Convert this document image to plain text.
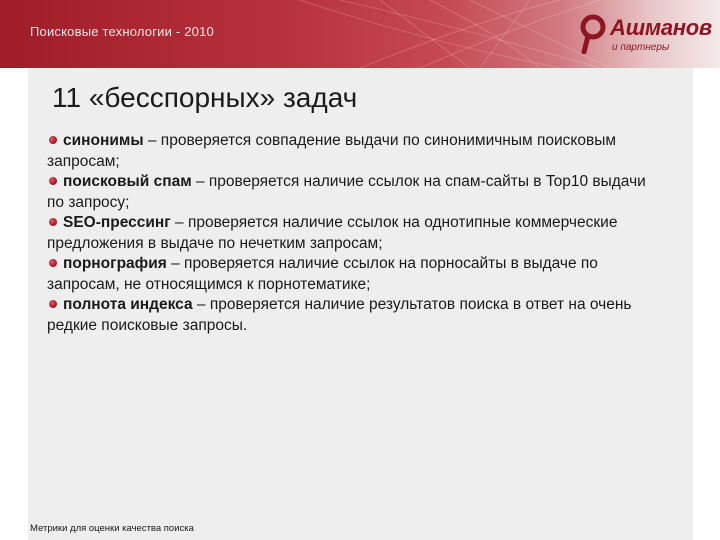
Поисковые технологии - 2010	Ашманов
и партнеры
11 «бесспорных» задач
синонимы – проверяется совпадение выдачи по синонимичным поисковым запросам;
поисковый спам – проверяется наличие ссылок на спам-сайты в Top10 выдачи по запросу;
SEO-прессинг – проверяется наличие ссылок на однотипные коммерческие предложения в выдаче по нечетким запросам;
порнография – проверяется наличие ссылок на порносайты в выдаче по запросам, не относящимся к порнотематике;
полнота индекса – проверяется наличие результатов поиска в ответ на очень редкие поисковые запросы.
Метрики для оценки качества поиска
